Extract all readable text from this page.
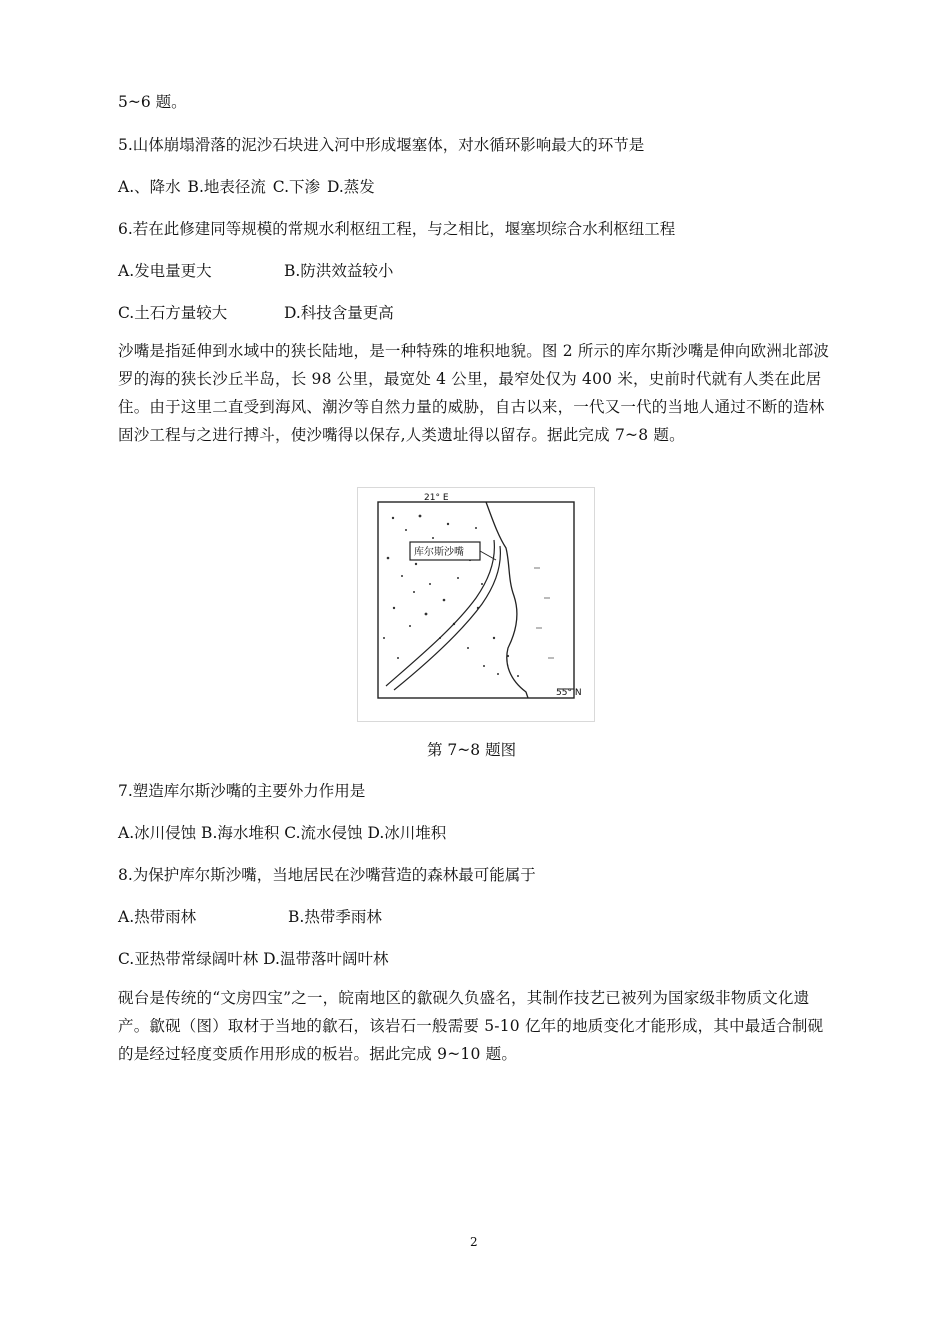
5~6 题。
5.山体崩塌滑落的泥沙石块进入河中形成堰塞体，对水循环影响最大的环节是
A.、降水 B.地表径流 C.下渗 D.蒸发
6.若在此修建同等规模的常规水利枢纽工程，与之相比，堰塞坝综合水利枢纽工程
A.发电量更大	B.防洪效益较小
C.土石方量较大	D.科技含量更高
沙嘴是指延伸到水域中的狭长陆地，是一种特殊的堆积地貌。图 2 所示的库尔斯沙嘴是伸向欧洲北部波罗的海的狭长沙丘半岛，长 98 公里，最宽处 4 公里，最窄处仅为 400 米，史前时代就有人类在此居住。由于这里二直受到海风、潮汐等自然力量的威胁，自古以来，一代又一代的当地人通过不断的造林固沙工程与之进行搏斗，使沙嘴得以保存,人类遗址得以留存。据此完成 7~8 题。
库尔斯沙嘴
21° E
55° N
第 7~8 题图
7.塑造库尔斯沙嘴的主要外力作用是
A.冰川侵蚀 B.海水堆积 C.流水侵蚀 D.冰川堆积
8.为保护库尔斯沙嘴，当地居民在沙嘴营造的森林最可能属于
A.热带雨林	B.热带季雨林
C.亚热带常绿阔叶林 D.温带落叶阔叶林
砚台是传统的“文房四宝”之一，皖南地区的歙砚久负盛名，其制作技艺已被列为国家级非物质文化遗产。歙砚（图）取材于当地的歙石，该岩石一般需要 5-10 亿年的地质变化才能形成，其中最适合制砚的是经过轻度变质作用形成的板岩。据此完成 9~10 题。
2
